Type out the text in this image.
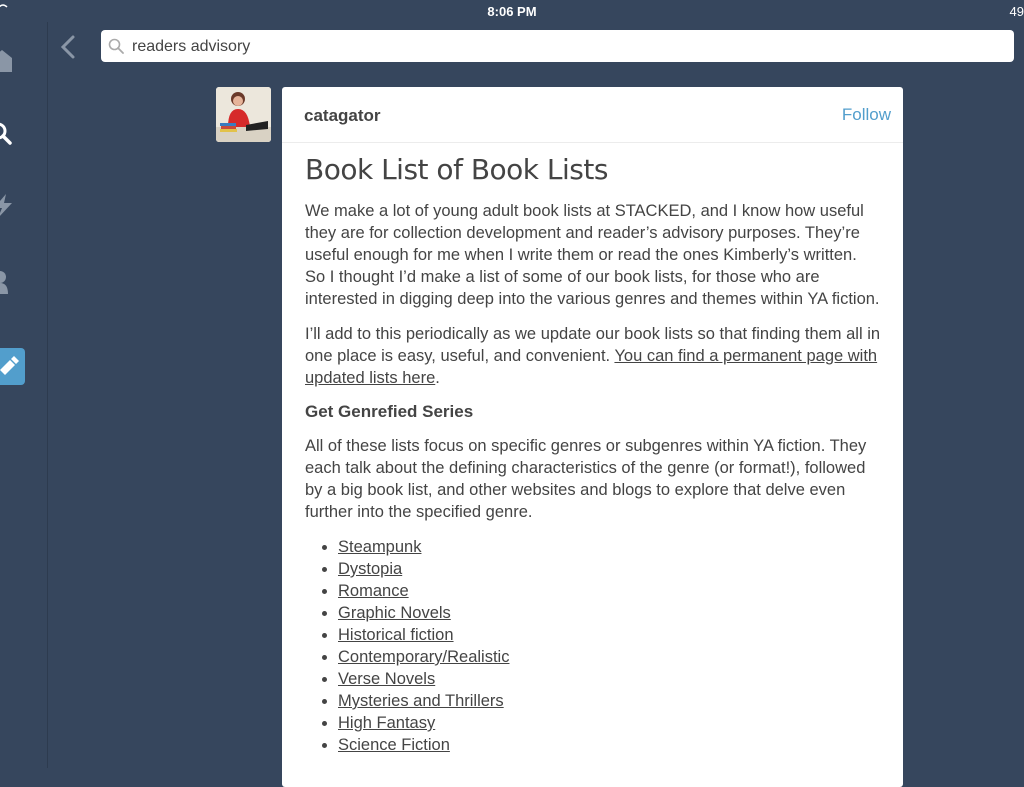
8:06 PM	49
readers advisory
catagator	Follow
Book List of Book Lists

We make a lot of young adult book lists at STACKED, and I know how useful they are for collection development and reader’s advisory purposes. They’re useful enough for me when I write them or read the ones Kimberly’s written. So I thought I’d make a list of some of our book lists, for those who are interested in digging deep into the various genres and themes within YA fiction.

I’ll add to this periodically as we update our book lists so that finding them all in one place is easy, useful, and convenient. You can find a permanent page with updated lists here.

Get Genrefied Series

All of these lists focus on specific genres or subgenres within YA fiction. They each talk about the defining characteristics of the genre (or format!), followed by a big book list, and other websites and blogs to explore that delve even further into the specified genre.

• Steampunk
• Dystopia
• Romance
• Graphic Novels
• Historical fiction
• Contemporary/Realistic
• Verse Novels
• Mysteries and Thrillers
• High Fantasy
• Science Fiction
